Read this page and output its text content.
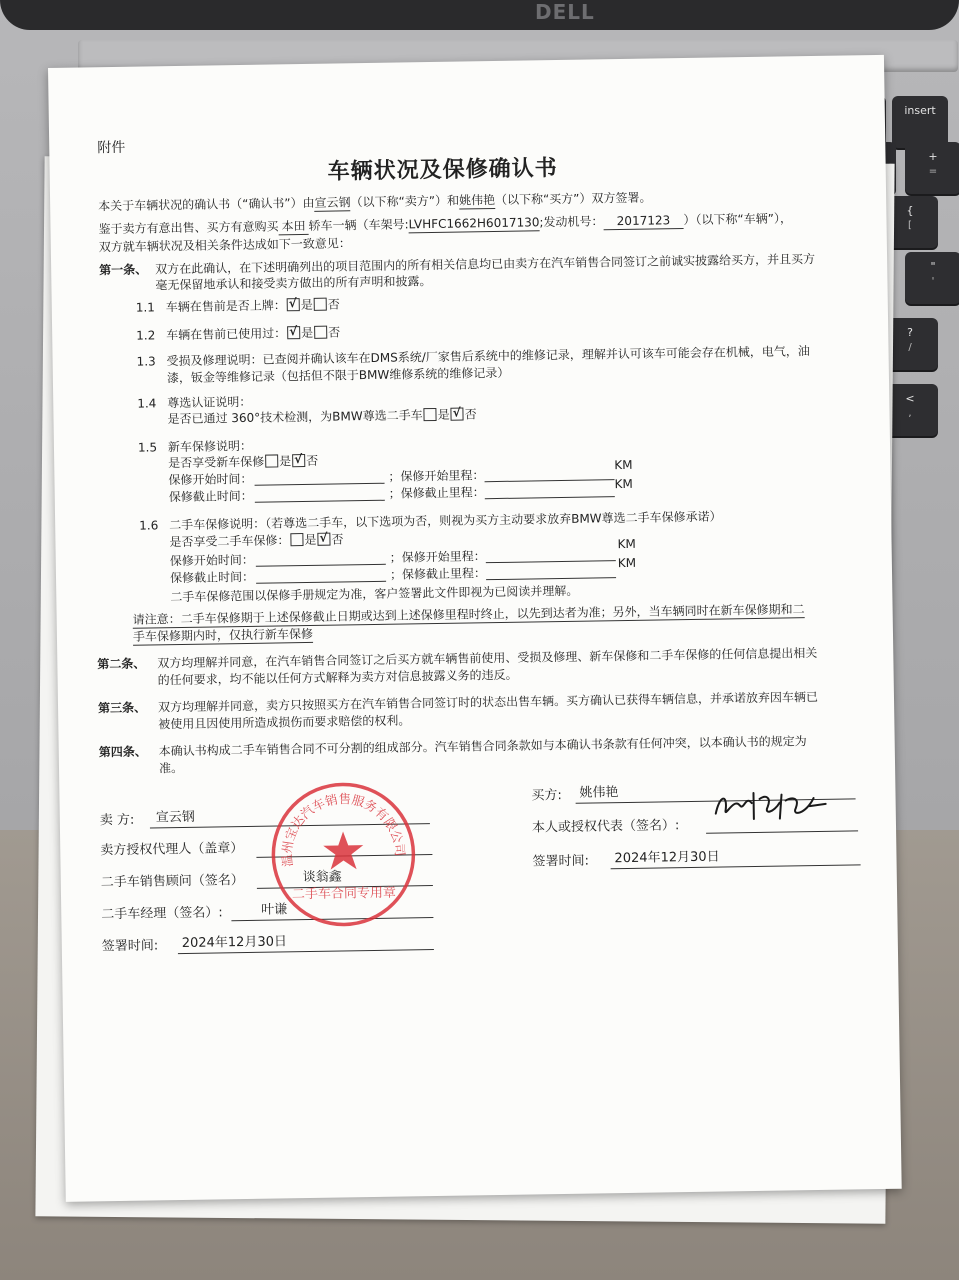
DELL
insert
+
=
{
[
"
'
?
/
<
,
附件
车辆状况及保修确认书
本关于车辆状况的确认书（“确认书”）由宣云钢（以下称“卖方”）和姚伟艳（以下称“买方”）双方签署。
鉴于卖方有意出售、买方有意购买 本田 轿车一辆（车架号:LVHFC1662H6017130;发动机号： 2017123 ）（以下称“车辆”），
双方就车辆状况及相关条件达成如下一致意见：
第一条、 双方在此确认，在下述明确列出的项目范围内的所有相关信息均已由卖方在汽车销售合同签订之前诚实披露给买方，并且买方
毫无保留地承认和接受卖方做出的所有声明和披露。
1.1 车辆在售前是否上牌： √ 是 否
1.2 车辆在售前已使用过： √ 是 否
1.3 受损及修理说明：已查阅并确认该车在DMS系统/厂家售后系统中的维修记录，理解并认可该车可能会存在机械，电气，油
漆，钣金等维修记录（包括但不限于BMW维修系统的维修记录）
1.4 尊选认证说明：
是否已通过 360°技术检测，为BMW尊选二手车 是 √ 否
1.5 新车保修说明：
是否享受新车保修 是 √ 否
保修开始时间：	； 保修开始里程：
KM
保修截止时间：	； 保修截止里程：
KM
1.6 二手车保修说明：（若尊选二手车，以下选项为否，则视为买方主动要求放弃BMW尊选二手车保修承诺）
是否享受二手车保修： 是 √ 否
保修开始时间：	； 保修开始里程：
KM
保修截止时间：	； 保修截止里程：
KM
二手车保修范围以保修手册规定为准，客户签署此文件即视为已阅读并理解。
请注意：二手车保修期于上述保修截止日期或达到上述保修里程时终止，以先到达者为准；另外，当车辆同时在新车保修期和二
手车保修期内时，仅执行新车保修
第二条、 双方均理解并同意，在汽车销售合同签订之后买方就车辆售前使用、受损及修理、新车保修和二手车保修的任何信息提出相关
的任何要求，均不能以任何方式解释为卖方对信息披露义务的违反。
第三条、 双方均理解并同意，卖方只按照买方在汽车销售合同签订时的状态出售车辆。买方确认已获得车辆信息，并承诺放弃因车辆已
被使用且因使用所造成损伤而要求赔偿的权利。
第四条、 本确认书构成二手车销售合同不可分割的组成部分。汽车销售合同条款如与本确认书条款有任何冲突，以本确认书的规定为
准。
卖 方: 宣云钢
卖方授权代理人（盖章）
二手车销售顾问（签名）	谈翁鑫
二手车经理（签名）:	叶谦
签署时间: 2024年12月30日
买方: 姚伟艳
本人或授权代表（签名）:
签署时间: 2024年12月30日
温州宝达汽车销售服务有限公司
二手车合同专用章
